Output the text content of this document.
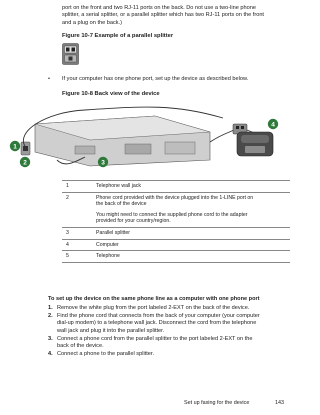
port on the front and two RJ-11 ports on the back. Do not use a two-line phone
splitter, a serial splitter, or a parallel splitter which has two RJ-11 ports on the front
and a plug on the back.)
Figure 10-7 Example of a parallel splitter
• If your computer has one phone port, set up the device as described below.
Figure 10-8 Back view of the device
1
2	3
4
1	Telephone wall jack

2	Phone cord provided with the device plugged into the 1-LINE port on
the back of the device
You might need to connect the supplied phone cord to the adapter
provided for your country/region.

3	Parallel splitter

4	Computer

5	Telephone
To set up the device on the same phone line as a computer with one phone port
1. Remove the white plug from the port labeled 2-EXT on the back of the device.
2. Find the phone cord that connects from the back of your computer (your computer
dial-up modem) to a telephone wall jack. Disconnect the cord from the telephone
wall jack and plug it into the parallel splitter.
3. Connect a phone cord from the parallel splitter to the port labeled 2-EXT on the
back of the device.
4. Connect a phone to the parallel splitter.
Set up faxing for the device	143
